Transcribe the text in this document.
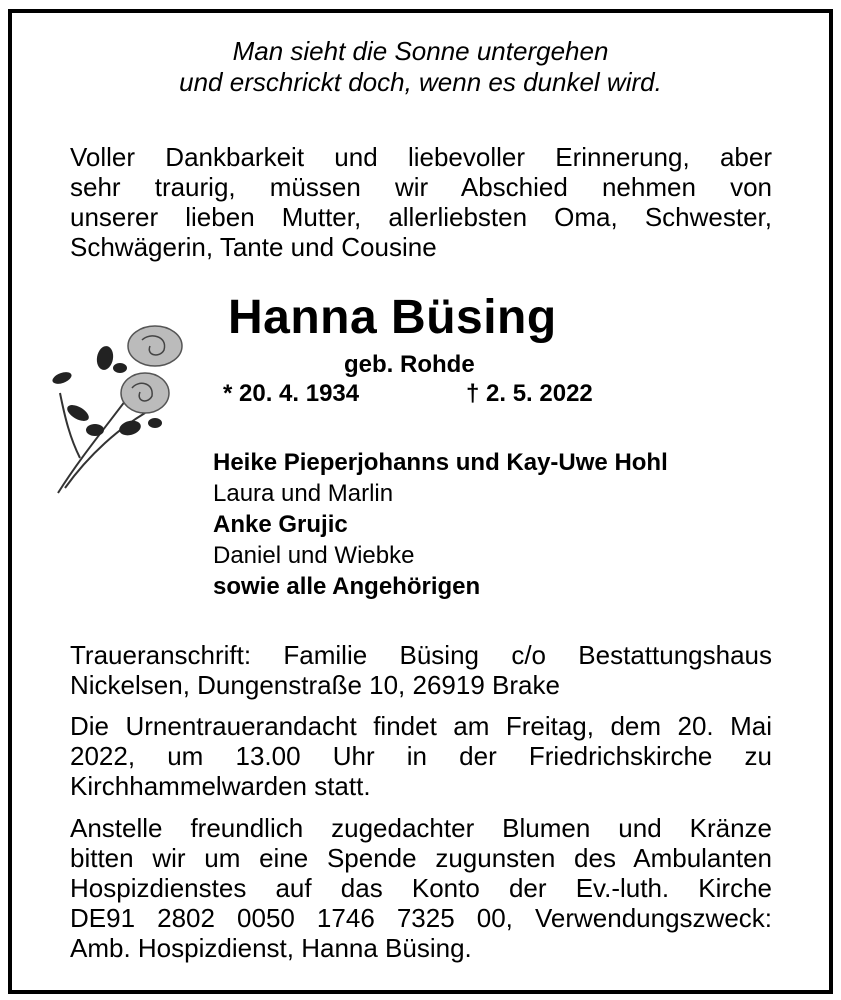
Man sieht die Sonne untergehen
und erschrickt doch, wenn es dunkel wird.
Voller Dankbarkeit und liebevoller Erinnerung, aber
sehr traurig, müssen wir Abschied nehmen von
unserer lieben Mutter, allerliebsten Oma, Schwester,
Schwägerin, Tante und Cousine
Hanna Büsing
geb. Rohde
* 20. 4. 1934	† 2. 5. 2022
Heike Pieperjohanns und Kay-Uwe Hohl
Laura und Marlin
Anke Grujic
Daniel und Wiebke
sowie alle Angehörigen
Traueranschrift: Familie Büsing c/o Bestattungshaus
Nickelsen, Dungenstraße 10, 26919 Brake
Die Urnentrauerandacht findet am Freitag, dem 20. Mai
2022, um 13.00 Uhr in der Friedrichskirche zu
Kirchhammelwarden statt.
Anstelle freundlich zugedachter Blumen und Kränze
bitten wir um eine Spende zugunsten des Ambulanten
Hospizdienstes auf das Konto der Ev.-luth. Kirche
DE91 2802 0050 1746 7325 00, Verwendungszweck:
Amb. Hospizdienst, Hanna Büsing.
